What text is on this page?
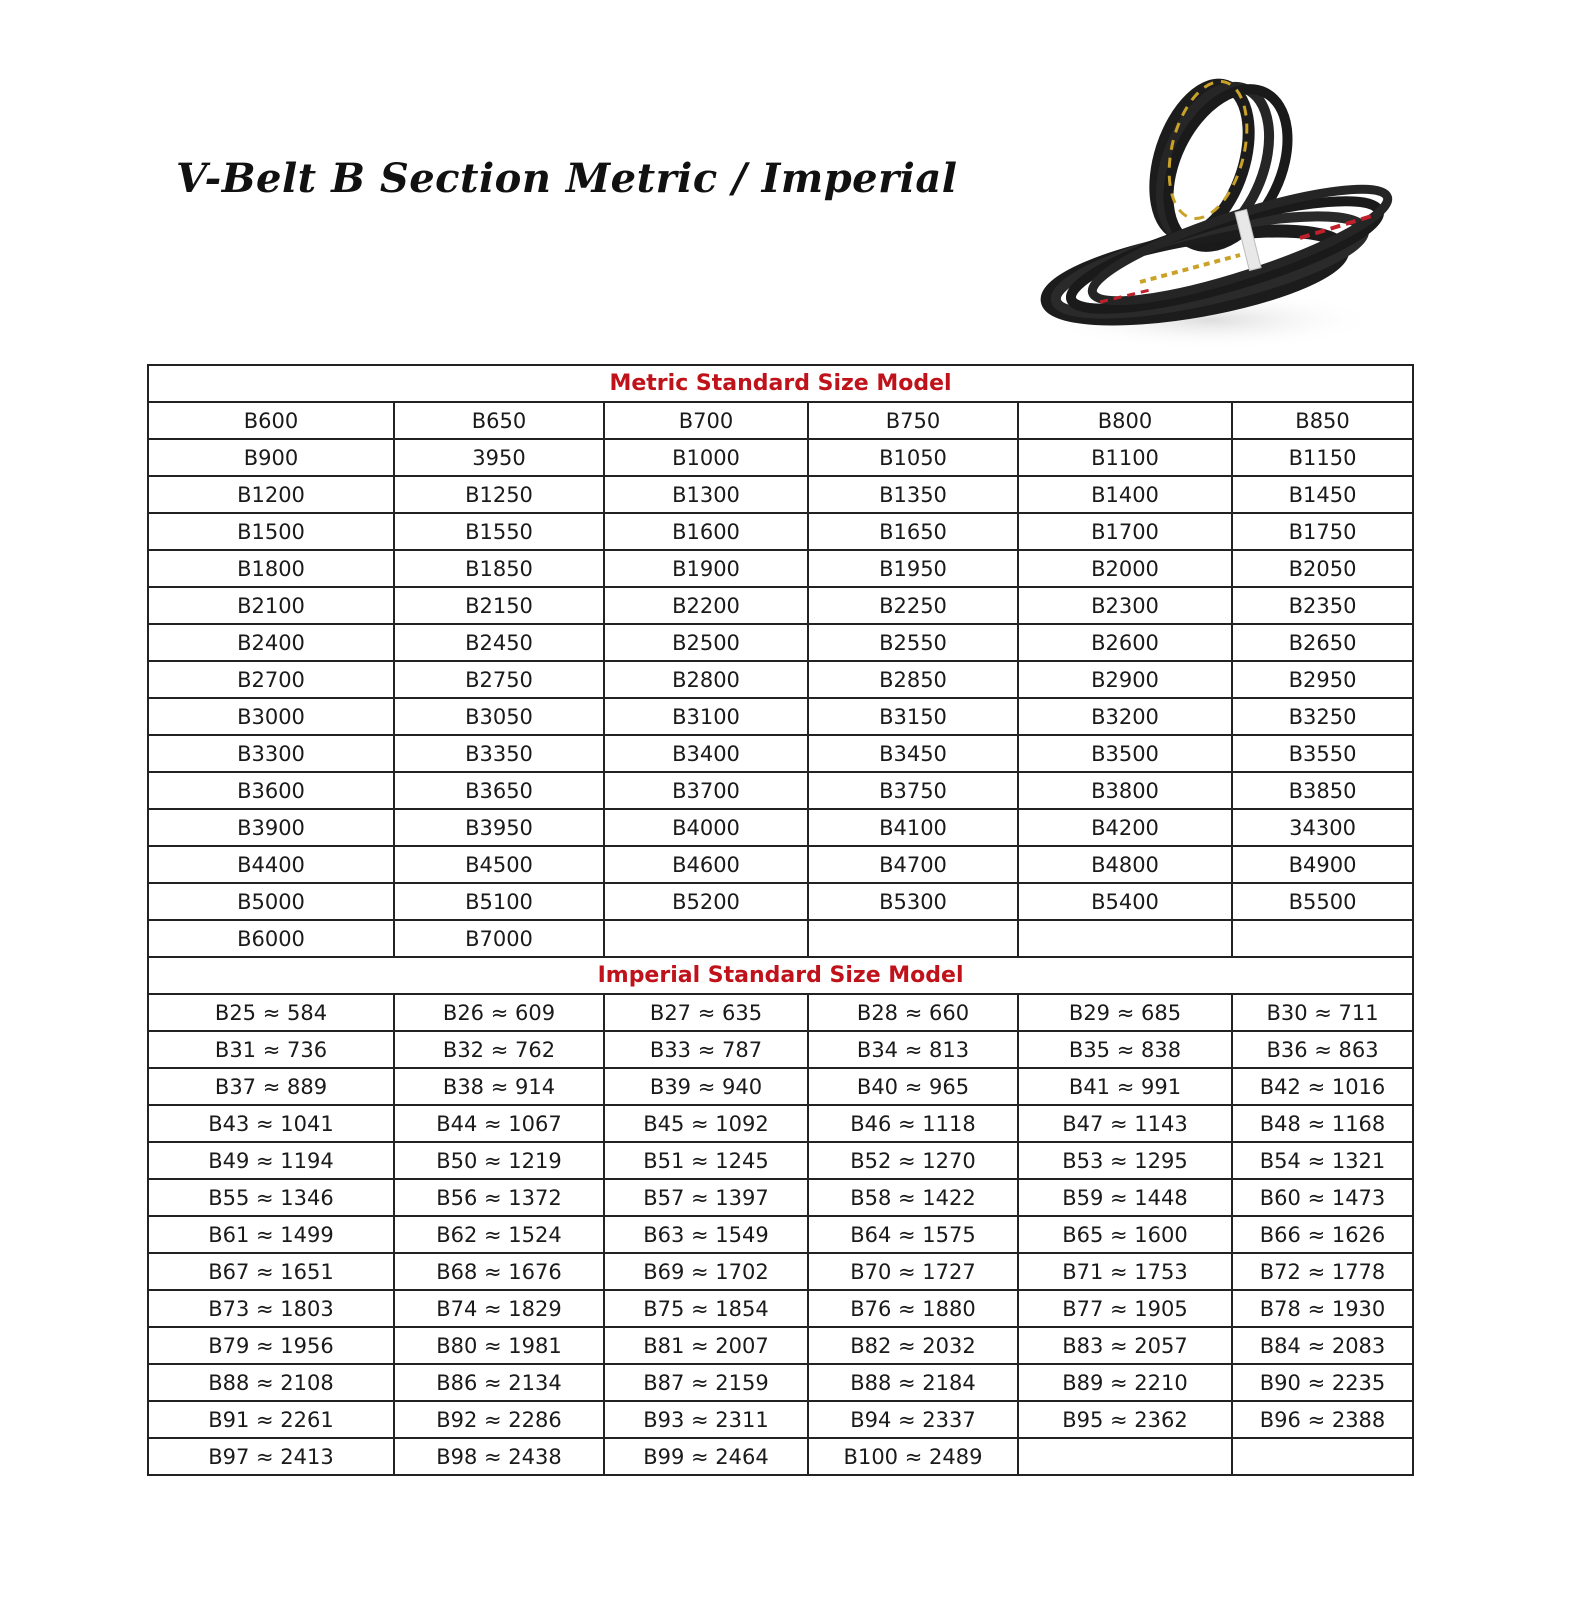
V-Belt B Section Metric / Imperial
Metric Standard Size Model					
B600	B650	B700	B750	B800	B850
B900	3950	B1000	B1050	B1100	B1150
B1200	B1250	B1300	B1350	B1400	B1450
B1500	B1550	B1600	B1650	B1700	B1750
B1800	B1850	B1900	B1950	B2000	B2050
B2100	B2150	B2200	B2250	B2300	B2350
B2400	B2450	B2500	B2550	B2600	B2650
B2700	B2750	B2800	B2850	B2900	B2950
B3000	B3050	B3100	B3150	B3200	B3250
B3300	B3350	B3400	B3450	B3500	B3550
B3600	B3650	B3700	B3750	B3800	B3850
B3900	B3950	B4000	B4100	B4200	34300
B4400	B4500	B4600	B4700	B4800	B4900
B5000	B5100	B5200	B5300	B5400	B5500
B6000	B7000				
Imperial Standard Size Model					
B25 ≈ 584	B26 ≈ 609	B27 ≈ 635	B28 ≈ 660	B29 ≈ 685	B30 ≈ 711
B31 ≈ 736	B32 ≈ 762	B33 ≈ 787	B34 ≈ 813	B35 ≈ 838	B36 ≈ 863
B37 ≈ 889	B38 ≈ 914	B39 ≈ 940	B40 ≈ 965	B41 ≈ 991	B42 ≈ 1016
B43 ≈ 1041	B44 ≈ 1067	B45 ≈ 1092	B46 ≈ 1118	B47 ≈ 1143	B48 ≈ 1168
B49 ≈ 1194	B50 ≈ 1219	B51 ≈ 1245	B52 ≈ 1270	B53 ≈ 1295	B54 ≈ 1321
B55 ≈ 1346	B56 ≈ 1372	B57 ≈ 1397	B58 ≈ 1422	B59 ≈ 1448	B60 ≈ 1473
B61 ≈ 1499	B62 ≈ 1524	B63 ≈ 1549	B64 ≈ 1575	B65 ≈ 1600	B66 ≈ 1626
B67 ≈ 1651	B68 ≈ 1676	B69 ≈ 1702	B70 ≈ 1727	B71 ≈ 1753	B72 ≈ 1778
B73 ≈ 1803	B74 ≈ 1829	B75 ≈ 1854	B76 ≈ 1880	B77 ≈ 1905	B78 ≈ 1930
B79 ≈ 1956	B80 ≈ 1981	B81 ≈ 2007	B82 ≈ 2032	B83 ≈ 2057	B84 ≈ 2083
B88 ≈ 2108	B86 ≈ 2134	B87 ≈ 2159	B88 ≈ 2184	B89 ≈ 2210	B90 ≈ 2235
B91 ≈ 2261	B92 ≈ 2286	B93 ≈ 2311	B94 ≈ 2337	B95 ≈ 2362	B96 ≈ 2388
B97 ≈ 2413	B98 ≈ 2438	B99 ≈ 2464	B100 ≈ 2489		
